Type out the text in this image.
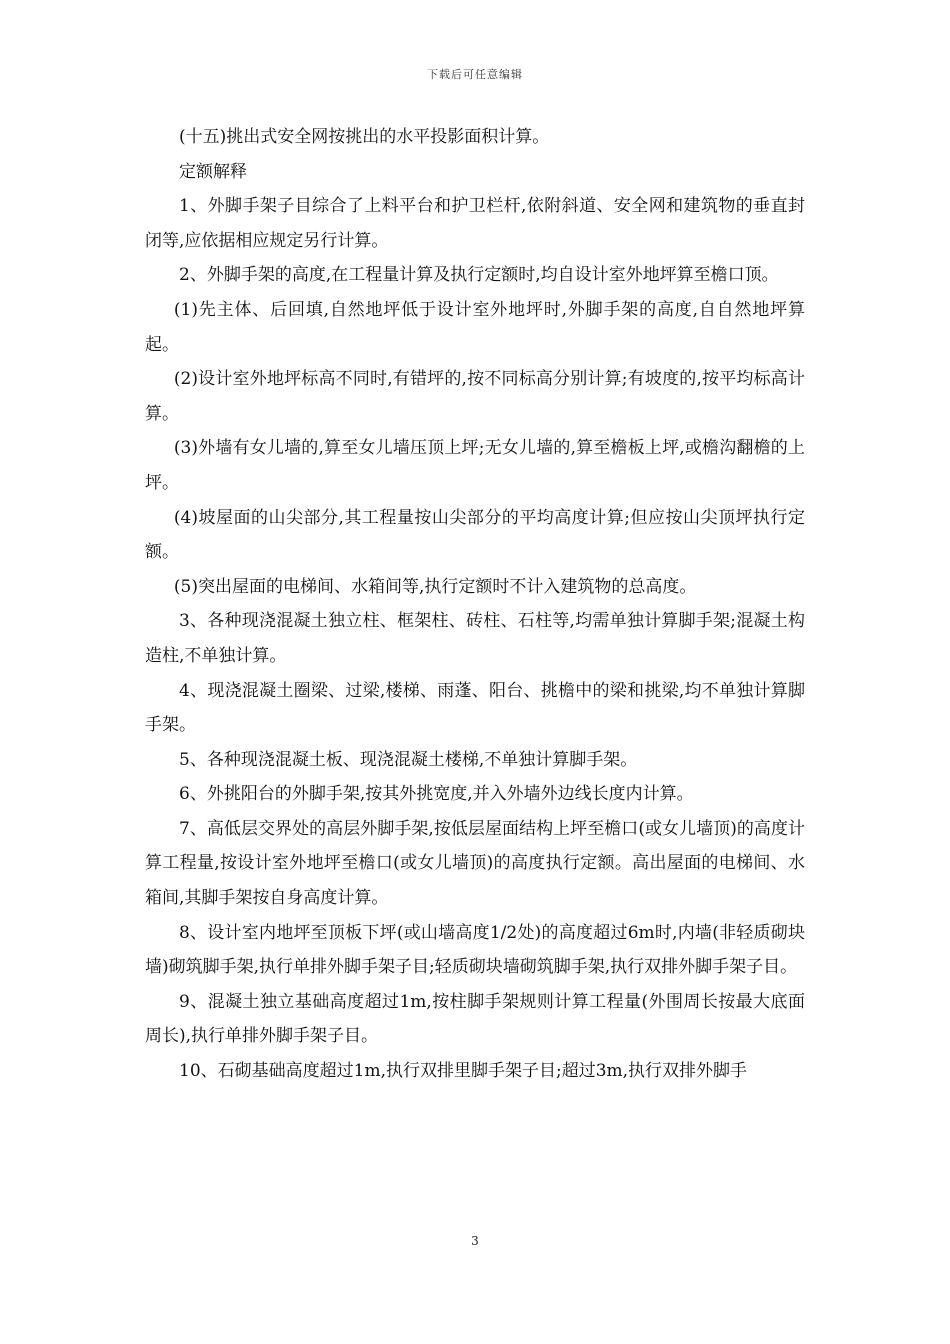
下载后可任意编辑

(十五)挑出式安全网按挑出的水平投影面积计算。

定额解释

1、外脚手架子目综合了上料平台和护卫栏杆,依附斜道、安全网和建筑物的垂直封闭等,应依据相应规定另行计算。

2、外脚手架的高度,在工程量计算及执行定额时,均自设计室外地坪算至檐口顶。

(1)先主体、后回填,自然地坪低于设计室外地坪时,外脚手架的高度,自自然地坪算起。

(2)设计室外地坪标高不同时,有错坪的,按不同标高分别计算;有坡度的,按平均标高计算。

(3)外墙有女儿墙的,算至女儿墙压顶上坪;无女儿墙的,算至檐板上坪,或檐沟翻檐的上坪。

(4)坡屋面的山尖部分,其工程量按山尖部分的平均高度计算;但应按山尖顶坪执行定额。

(5)突出屋面的电梯间、水箱间等,执行定额时不计入建筑物的总高度。

3、各种现浇混凝土独立柱、框架柱、砖柱、石柱等,均需单独计算脚手架;混凝土构造柱,不单独计算。

4、现浇混凝土圈梁、过梁,楼梯、雨蓬、阳台、挑檐中的梁和挑梁,均不单独计算脚手架。

5、各种现浇混凝土板、现浇混凝土楼梯,不单独计算脚手架。

6、外挑阳台的外脚手架,按其外挑宽度,并入外墙外边线长度内计算。

7、高低层交界处的高层外脚手架,按低层屋面结构上坪至檐口(或女儿墙顶)的高度计算工程量,按设计室外地坪至檐口(或女儿墙顶)的高度执行定额。高出屋面的电梯间、水箱间,其脚手架按自身高度计算。

8、设计室内地坪至顶板下坪(或山墙高度1/2处)的高度超过6m时,内墙(非轻质砌块墙)砌筑脚手架,执行单排外脚手架子目;轻质砌块墙砌筑脚手架,执行双排外脚手架子目。

9、混凝土独立基础高度超过1m,按柱脚手架规则计算工程量(外围周长按最大底面周长),执行单排外脚手架子目。

10、石砌基础高度超过1m,执行双排里脚手架子目;超过3m,执行双排外脚手

3
